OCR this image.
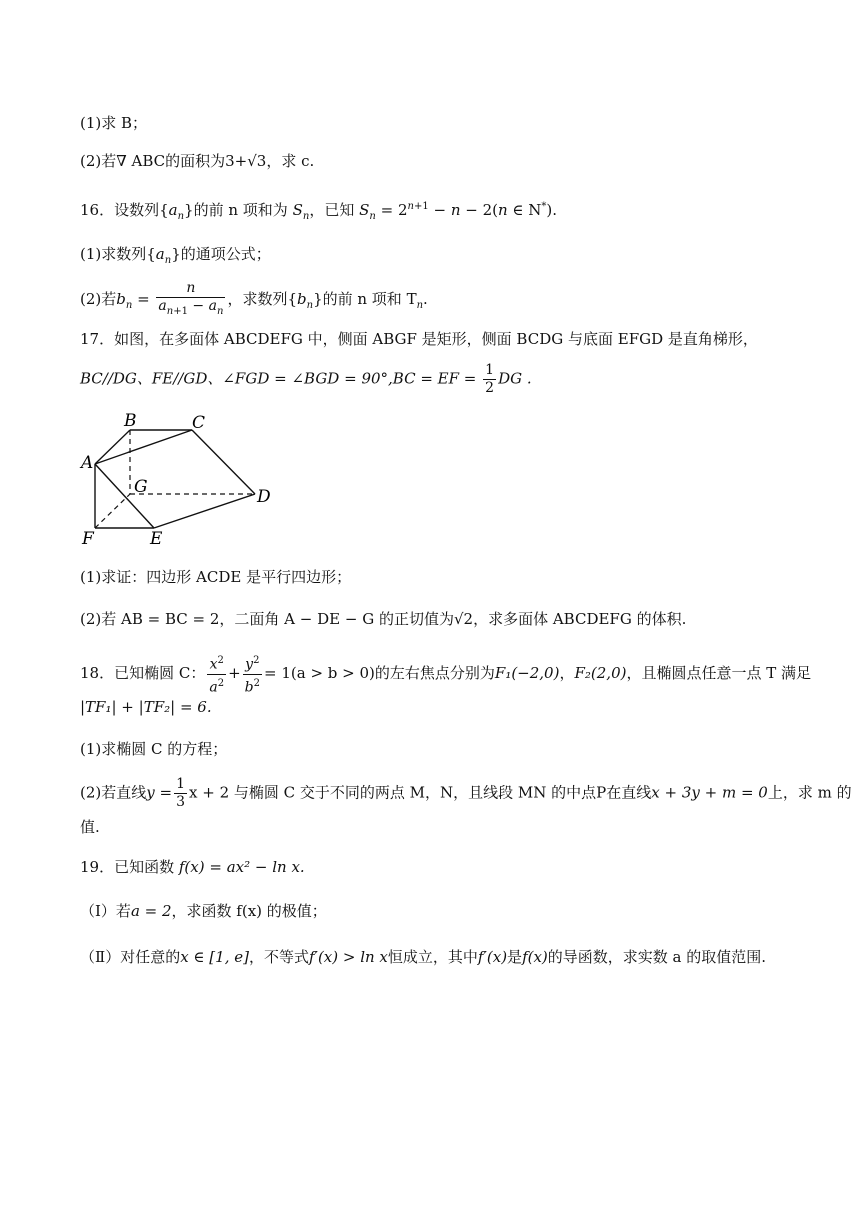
(1)求 B；
(2)若∇ ABC的面积为3+√3，求 c.
16．设数列$\{a_n\}$的前 n 项和为 $S_n$，已知 $S_n = 2^{n+1} - n - 2(n$ ∈ N*).
(1)求数列$\{a_n\}$的通项公式；
(2)若$b_n = \frac{n}{a_{n+1} - a_n}$ ，求数列$\{b_n\}$的前 n 项和 $T_n$.
17．如图，在多面体 ABCDEFG 中，侧面 ABGF 是矩形，侧面 BCDG 与底面 EFGD 是直角梯形，
BC//DG、FE//GD、∠FGD = ∠BGD = 90°,BC = EF = $\frac{1}{2}$ DG .
B	C
A
G	D
F	E
(1)求证：四边形 ACDE 是平行四边形；
(2)若 AB = BC = 2，二面角 A − DE − G 的正切值为√2，求多面体 ABCDEFG 的体积.
18．已知椭圆 C： $\frac{x^2}{a^2} + \frac{y^2}{b^2} = 1(a > b > 0)$的左右焦点分别为F₁(−2,0)，F₂(2,0)，且椭圆点任意一点 T 满足
|TF₁| + |TF₂| = 6.
(1)求椭圆 C 的方程；
(2)若直线$y = \frac{1}{3}$ x + 2 与椭圆 C 交于不同的两点 M，N，且线段 MN 的中点P在直线x + 3y + m = 0上，求 m 的
值.
19．已知函数 f(x) = ax² − ln x.
（Ⅰ）若a = 2，求函数 f(x) 的极值；
（Ⅱ）对任意的x ∈ [1, e]，不等式f′(x) > ln x恒成立，其中f′(x)是f(x)的导函数，求实数 a 的取值范围.
